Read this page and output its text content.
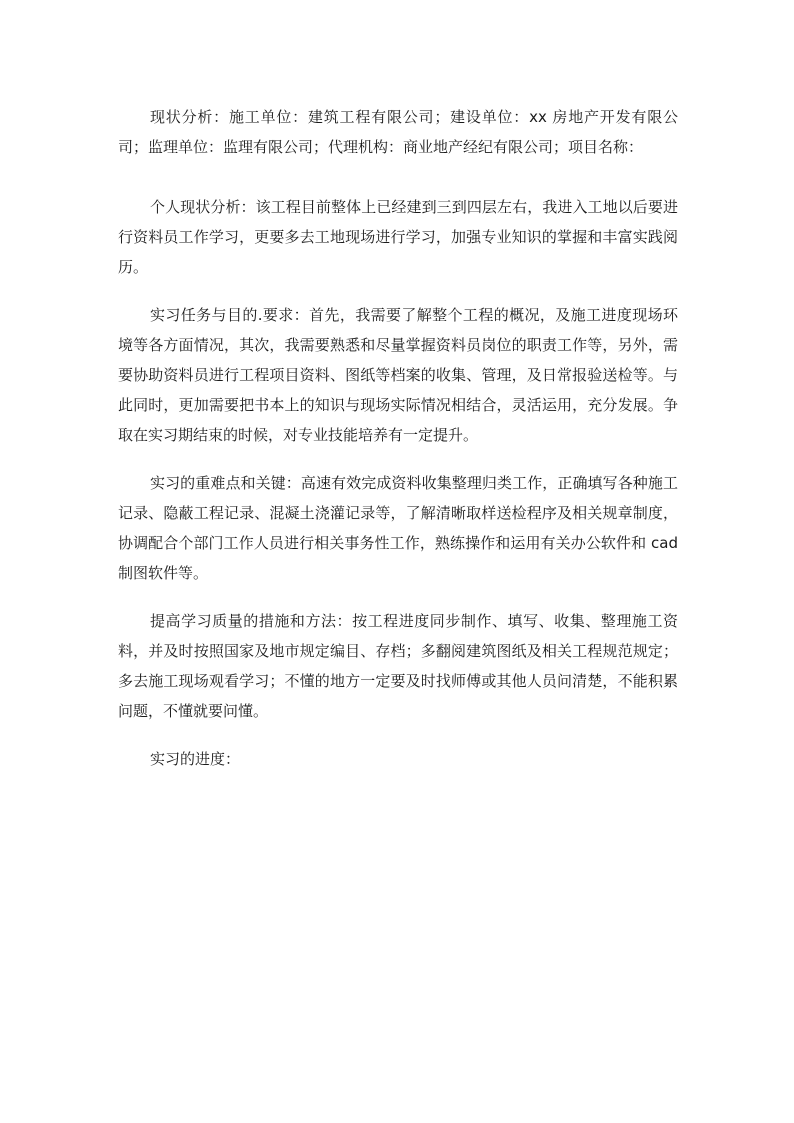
现状分析：施工单位：建筑工程有限公司；建设单位：xx 房地产开发有限公司；监理单位：监理有限公司；代理机构：商业地产经纪有限公司；项目名称：

个人现状分析：该工程目前整体上已经建到三到四层左右，我进入工地以后要进行资料员工作学习，更要多去工地现场进行学习，加强专业知识的掌握和丰富实践阅历。

实习任务与目的.要求：首先，我需要了解整个工程的概况，及施工进度现场环境等各方面情况，其次，我需要熟悉和尽量掌握资料员岗位的职责工作等，另外，需要协助资料员进行工程项目资料、图纸等档案的收集、管理，及日常报验送检等。与此同时，更加需要把书本上的知识与现场实际情况相结合，灵活运用，充分发展。争取在实习期结束的时候，对专业技能培养有一定提升。

实习的重难点和关键：高速有效完成资料收集整理归类工作，正确填写各种施工记录、隐蔽工程记录、混凝土浇灌记录等，了解清晰取样送检程序及相关规章制度，协调配合个部门工作人员进行相关事务性工作，熟练操作和运用有关办公软件和 cad 制图软件等。

提高学习质量的措施和方法：按工程进度同步制作、填写、收集、整理施工资料，并及时按照国家及地市规定编目、存档；多翻阅建筑图纸及相关工程规范规定；多去施工现场观看学习；不懂的地方一定要及时找师傅或其他人员问清楚，不能积累问题，不懂就要问懂。

实习的进度：
